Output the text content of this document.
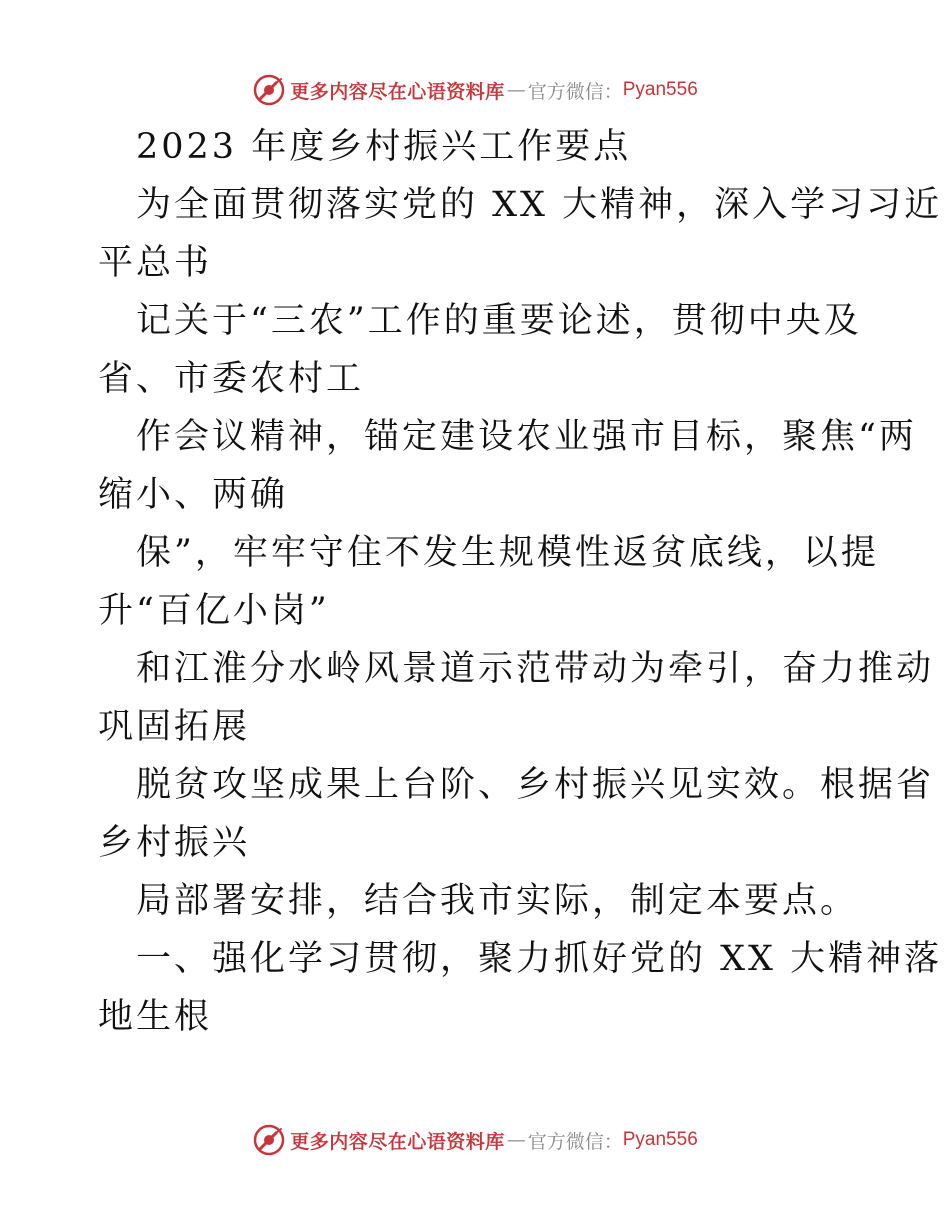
更多内容尽在心语资料库 — 官方微信： Pyan556
2023 年度乡村振兴工作要点
为全面贯彻落实党的 XX 大精神，深入学习习近
平总书
记关于“三农”工作的重要论述，贯彻中央及
省、市委农村工
作会议精神，锚定建设农业强市目标，聚焦“两
缩小、两确
保”，牢牢守住不发生规模性返贫底线，以提
升“百亿小岗”
和江淮分水岭风景道示范带动为牵引，奋力推动
巩固拓展
脱贫攻坚成果上台阶、乡村振兴见实效。根据省
乡村振兴
局部署安排，结合我市实际，制定本要点。
一、强化学习贯彻，聚力抓好党的 XX 大精神落
地生根
更多内容尽在心语资料库 — 官方微信： Pyan556
